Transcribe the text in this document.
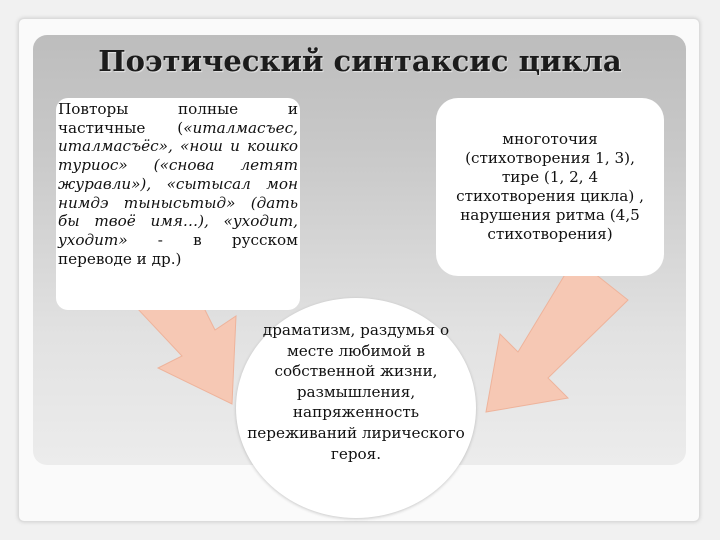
Поэтический синтаксис цикла
Повторы полные и частичные («италмасъес, италмасъёс», «нош и кошко туриос» («снова летят журавли»), «сытысал мон нимдэ тынысьтыд» (дать бы твоё имя…), «уходит, уходит» - в русском переводе и др.)
многоточия (стихотворения 1, 3), тире (1, 2, 4 стихотворения цикла) , нарушения ритма (4,5 стихотворения)
драматизм, раздумья о месте любимой в собственной жизни, размышления, напряженность переживаний лирического героя.
